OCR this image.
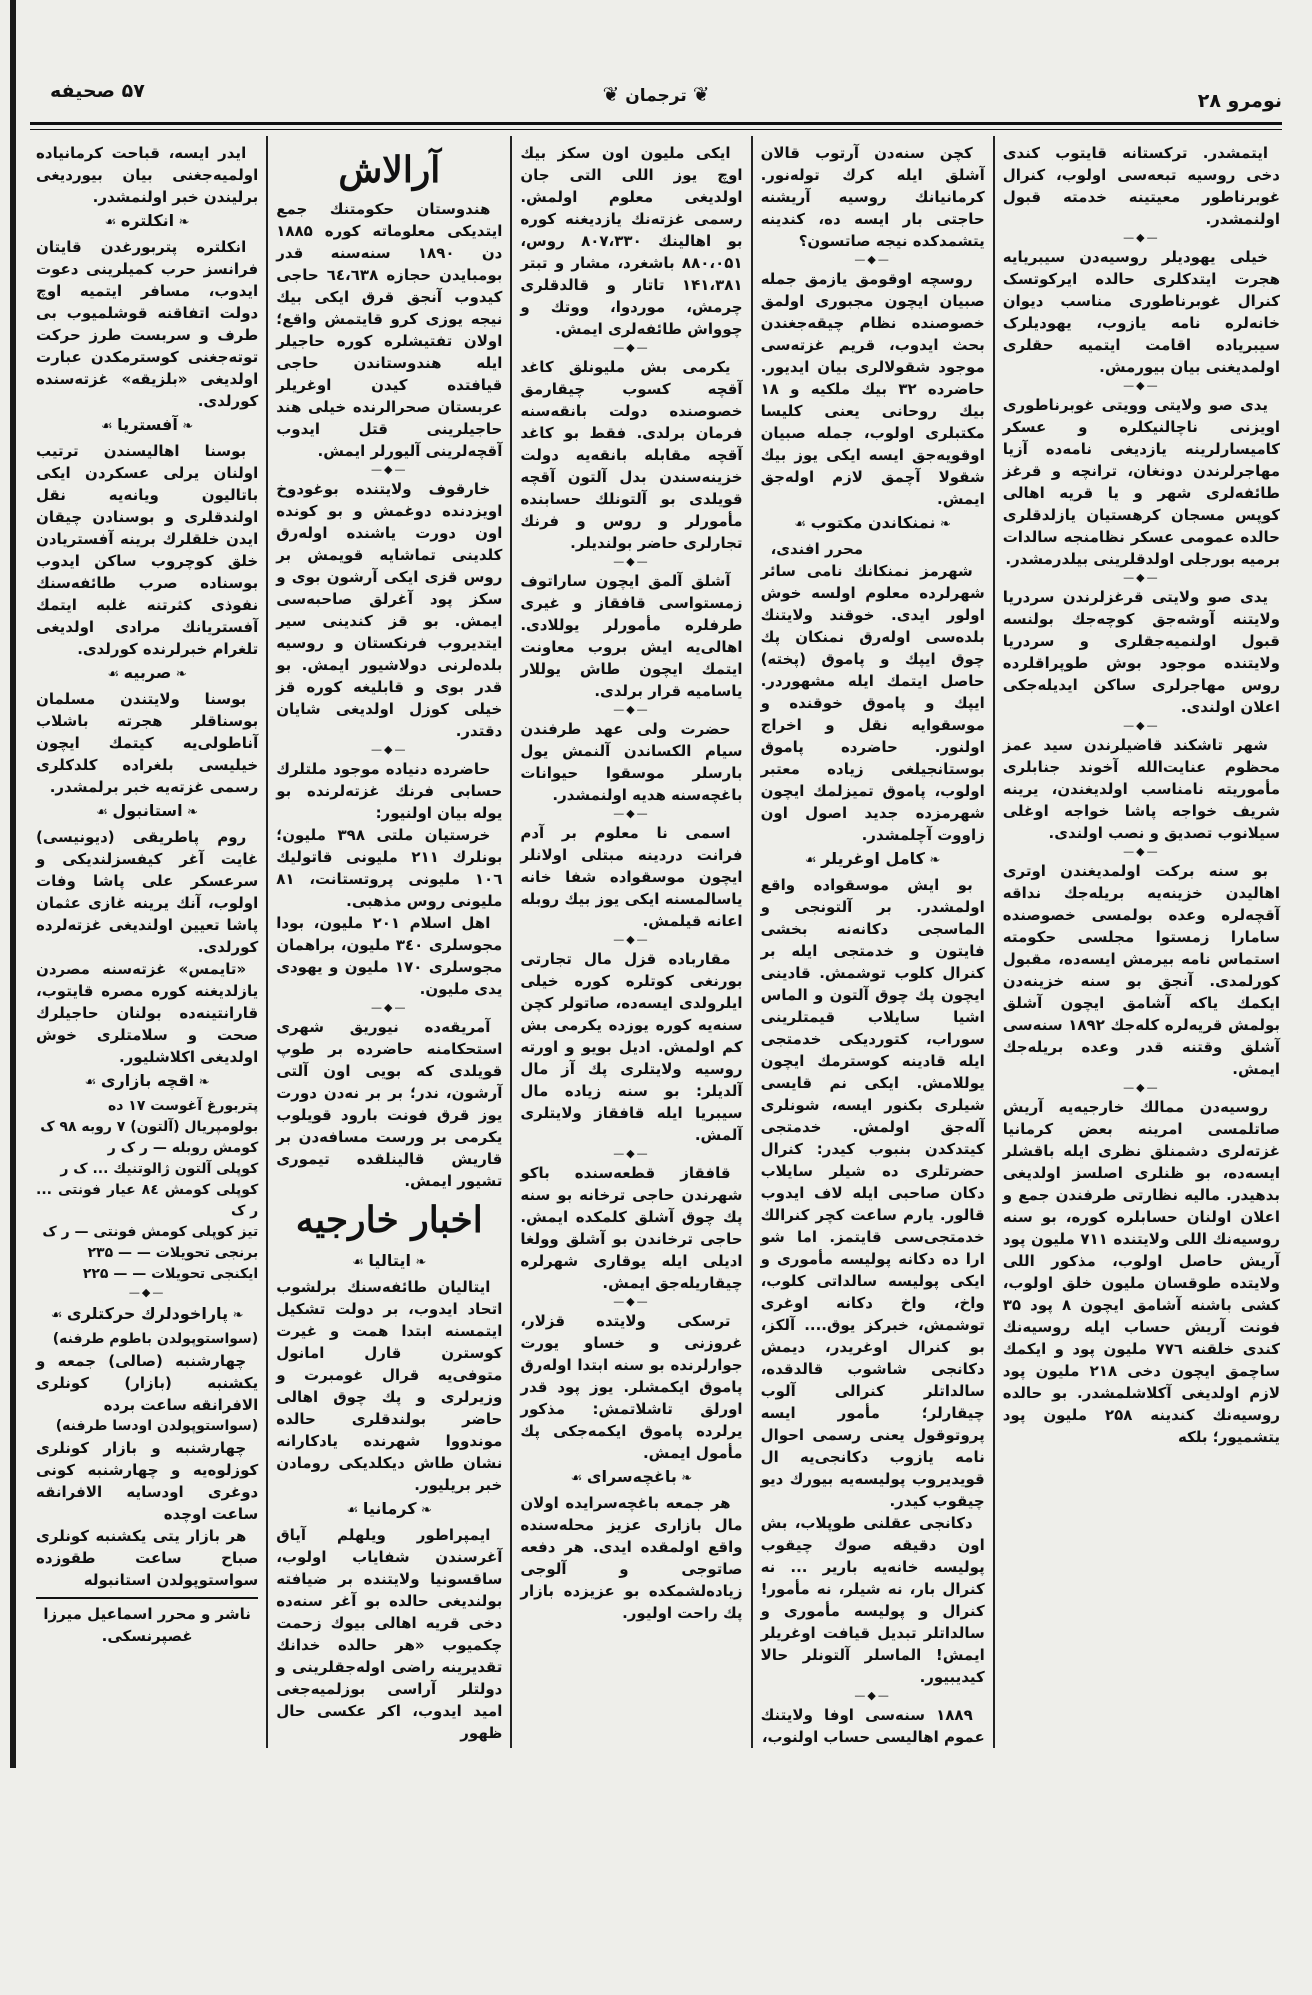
نومرو ۲۸
❦ترجمان❦
۵۷ صحیفه
ایتمشدر. ترکستانه قایتوب کندی دخی روسیه تبعه‌سی اولوب، کنرال غوبرناطور معیتینه خدمته قبول اولنمشدر.
—◆—
خیلی یهودیلر روسیه‌دن سیبریایه هجرت ایتدکلری حالده ایرکوتسک کنرال غوبرناطوری مناسب دیوان خانه‌لره نامه یازوب، یهودیلرک سیبریاده اقامت ایتمیه حقلری اولمدیغنی بیان بیورمش.
—◆—
یدی صو ولایتی وویتی غوبرناطوری اویزنی ناچالنیکلره و عسکر کامیسارلرینه یازدیغی نامه‌ده آزیا مهاجرلرندن دونغان، ترانچه و قرغز طائفه‌لری شهر و یا قریه اهالی کوپس مسجان کرهستیان یازلدقلری حالده عمومی عسکر نظامنجه سالدات برمیه بورجلی اولدقلرینی بیلدرمشدر.
—◆—
یدی صو ولایتی قرغزلرندن سردریا ولایتنه آوشه‌جق کوچه‌جك بولنسه قبول اولنمیه‌جقلری و سردریا ولایتنده موجود بوش طوپراقلرده روس مهاجرلری ساکن ایدیله‌جکی اعلان اولندی.
—◆—
شهر تاشکند قاضیلرندن سید عمز محظوم عنایت‌الله آخوند جنابلری مأموریته نامناسب اولدیغندن، یرینه شریف خواجه پاشا خواجه اوغلی سیلانوب تصدیق و نصب اولندی.
—◆—
بو سنه برکت اولمدیغندن اوتری اهالیدن خزینه‌یه بریله‌جك نداقه آقچه‌لره وعده بولمسی خصوصنده سامارا زمستوا مجلسی حکومته استماس نامه بیرمش ایسه‌ده، مقبول کورلمدی. آنجق بو سنه خزینه‌دن ایکمك یاکه آشامق ایچون آشلق بولمش قریه‌لره کله‌جك ۱۸۹۲ سنه‌سی آشلق وقتنه قدر وعده بریله‌جك ایمش.
—◆—
روسیه‌دن ممالك خارجیه‌یه آریش صاتلمسی امرینه بعض کرمانیا غزته‌لری دشمنلق نظری ایله باقشلر ایسه‌ده، بو ظنلری اصلسز اولدیغی بدهیدر. مالیه نظارتی طرفندن جمع و اعلان اولنان حسابلره کوره، بو سنه روسیه‌نك اللی ولایتنده ۷۱۱ ملیون پود آریش حاصل اولوب، مذکور اللی ولایتده طوقسان ملیون خلق اولوب، کشی باشنه آشامق ایچون ۸ پود ۳۵ فونت آریش حساب ایله روسیه‌نك کندی خلقنه ۷۷٦ ملیون پود و ایکمك ساچمق ایچون دخی ۲۱۸ ملیون پود لازم اولدیغی آکلاشلمشدر. بو حالده روسیه‌نك کندینه ۲۵۸ ملیون پود یتشمیور؛ بلکه
کچن سنه‌دن آرتوب قالان آشلق ایله کرك توله‌نور. کرمانیانك روسیه آریشنه حاجتی بار ایسه ده، کندینه یتشمدکده نیجه صاتسون؟
—◆—
روسچه اوقومق یازمق جمله صبیان ایچون مجبوری اولمق خصوصنده نظام چیقه‌جغندن بحث ایدوب، قریم غزته‌سی موجود شقولالری بیان ایدیور. حاضرده ۳۲ بیك ملکیه و ۱۸ بیك روحانی یعنی کلیسا مکتبلری اولوب، جمله صبیان اوقویه‌جق ایسه ایکی یوز بیك شقولا آچمق لازم اوله‌جق ایمش.
❧ نمنکاندن مکتوب ☙
محرر افندی،
شهرمز نمنکانك نامی سائر شهرلرده معلوم اولسه خوش اولور ایدی. خوقند ولایتنك بلده‌سی اوله‌رق نمنکان پك چوق ایپك و پاموق (پخته) حاصل ایتمك ایله مشهوردر. ایپك و پاموق خوقنده و موسقوایه نقل و اخراج اولنور. حاضرده پاموق بوستانجیلغی زیاده معتبر اولوب، پاموق تمیزلمك ایچون شهرمزده جدید اصول اون زاووت آچلمشدر.
❧ کامل اوغریلر ☙
بو ایش موسقواده واقع اولمشدر. بر آلتونجی و الماسجی دکانه‌نه بخشی فایتون و خدمتجی ایله بر کنرال کلوب توشمش. قادینی ایچون پك چوق آلتون و الماس اشیا سایلاب قیمتلرینی سوراب، کتوردیکی خدمتجی ایله قادینه کوسترمك ایچون یوللامش. ایکی نم قایسی شیلری بکنور ایسه، شونلری آله‌جق اولمش. خدمتجی کیتدکدن بنبوب کیدر: کنرال حضرتلری ده شیلر سایلاب دکان صاحبی ایله لاف ایدوب قالور. یارم ساعت کچر کنرالك خدمتجی‌سی قایتمز. اما شو ارا ده دکانه پولیسه مأموری و ایکی پولیسه سالداتی کلوب، واخ، واخ دکانه اوغری توشمش، خبرکز یوق.... آلکز، بو کنرال اوغریدر، دیمش دکانجی شاشوب قالدقده، سالداتلر کنرالی آلوب چیقارلر؛ مأمور ایسه پروتوقول یعنی رسمی احوال نامه یازوب دکانجی‌یه ال قویدیروب پولیسه‌یه بیورك دیو چیقوب کیدر.
دکانجی عقلنی طوپلاب، بش اون دقیقه صوك چیقوب پولیسه خانه‌یه باریر ... نه کنرال بار، نه شیلر، نه مأمور! کنرال و پولیسه مأموری و سالداتلر تبدیل قیافت اوغریلر ایمش! الماسلر آلتونلر حالا کیدیبیور.
—◆—
۱۸۸۹ سنه‌سی اوفا ولایتنك عموم اهالیسی حساب اولنوب،
ایکی ملیون اون سکز بیك اوچ یوز اللی التی جان اولدیغی معلوم اولمش. رسمی غزته‌نك یازدیغنه کوره بو اهالینك ۸۰۷،۳۳۰ روس، ۸۸۰،۰۵۱ باشغرد، مشار و تبتر ۱۴۱،۳۸۱ تاتار و قالدقلری چرمش، موردوا، ووتك و چوواش طائفه‌لری ایمش.
—◆—
یکرمی بش ملیونلق کاغد آقچه کسوب چیقارمق خصوصنده دولت بانقه‌سنه فرمان برلدی. فقط بو کاغد آقچه مقابله بانقه‌یه دولت خزینه‌سندن بدل آلتون آقچه قویلدی بو آلتونلك حسابنده مأمورلر و روس و فرنك تجارلری حاضر بولندیلر.
—◆—
آشلق آلمق ایچون ساراتوف زمستواسی قافقاز و غیری طرفلره مأمورلر یوللادی. اهالی‌یه ایش بروب معاونت ایتمك ایچون طاش یوللار یاسامیه قرار برلدی.
—◆—
حضرت ولی عهد طرفندن سیام الکساندن آلنمش یول بارسلر موسقوا حیوانات باغچه‌سنه هدیه اولنمشدر.
—◆—
اسمی نا معلوم بر آدم فرانت دردینه مبتلی اولانلر ایچون موسقواده شفا خانه یاسالمسنه ایکی یوز بیك روبله اعانه قیلمش.
—◆—
مقاربادە قزل مال تجارتی بورنغی کوتلره کوره خیلی ایلرولدی ایسه‌ده، صاتولر کچن سنه‌یه کوره یوزده یکرمی بش کم اولمش. ادیل بویو و اورته روسیه ولایتلری پك آز مال آلدیلر: بو سنه زیاده مال سیبریا ایله قافقاز ولایتلری آلمش.
—◆—
قافقاز قطعه‌سنده باکو شهرندن حاجی ترخانه بو سنه پك چوق آشلق کلمکده ایمش. حاجی ترخاندن بو آشلق وولغا ادیلی ایله یوقاری شهرلره چیقاریله‌جق ایمش.
—◆—
ترسکی ولایتده قزلار، غروزنی و خساو یورت جوارلرنده بو سنه ابتدا اوله‌رق پاموق ایکمشلر. یوز پود قدر اورلق تاشلاتمش: مذکور یرلرده پاموق ایکمه‌جکی پك مأمول ایمش.
❧ باغچه‌سرای ☙
هر جمعه باغچه‌سرایده اولان مال بازاری عزیز محله‌سنده واقع اولمقده ایدی. هر دفعه صاتوجی و آلوجی زیاده‌لشمکده بو عزیزده بازار پك راحت اولیور.
آرالاش
هندوستان حکومتنك جمع ایتدیکی معلوماته کوره ۱۸۸۵ دن ۱۸۹۰ سنه‌سنه قدر بومبایدن حجازه ٦٤،٦۳۸ حاجی کیدوب آنجق قرق ایکی بیك نیجه یوزی کرو قایتمش واقع؛ اولان تفتیشلره کوره حاجیلر ایله هندوستاندن حاجی قیافتده کیدن اوغریلر عربستان صحرالرنده خیلی هند حاجیلرینی قتل ایدوب آقچه‌لرینی آلیورلر ایمش.
—◆—
خارقوف ولایتنده بوغودوخ اویزدنده دوغمش و بو کونده اون دورت یاشنده اوله‌رق کلدینی تماشایه قویمش بر روس قزی ایکی آرشون بوی و سکز پود آغرلق صاحبه‌سی ایمش. بو قز کندینی سیر ایتدیروب فرنکستان و روسیه بلده‌لرنی دولاشیور ایمش. بو قدر بوی و قابلیغه کوره قز خیلی کوزل اولدیغی شایان دقتدر.
—◆—
حاضرده دنیاده موجود ملتلرك حسابی فرنك غزته‌لرنده بو یوله بیان اولنیور:
خرستیان ملتی ۳۹۸ ملیون؛ بونلرك ۲۱۱ ملیونی قاتولیك ۱۰٦ ملیونی پروتستانت، ۸۱ ملیونی روس مذهبی.
اهل اسلام ۲۰۱ ملیون، بودا مجوسلری ۳٤۰ ملیون، براهمان مجوسلری ۱۷۰ ملیون و یهودی یدی ملیون.
—◆—
آمریقه‌ده نیوریق شهری استحکامنه حاضرده بر طوپ قویلدی که بویی اون آلتی آرشون، ندر؛ بر بر نه‌دن دورت یوز قرق فونت بارود قویلوب یکرمی بر ورست مسافه‌دن بر قاریش قالینلقده تیموری تشیور ایمش.
اخبار خارجیه
❧ ایتالیا ☙
ایتالیان طائفه‌سنك برلشوب اتحاد ایدوب، بر دولت تشکیل ایتمسنه ابتدا همت و غیرت کوسترن قارل امانول متوفی‌یه قرال غومبرت و وزیرلری و پك چوق اهالی حاضر بولندقلری حالده موندووا شهرنده یادکارانه نشان طاش دیکلدیکی رومادن خبر بریلیور.
❧ کرمانیا ☙
ایمپراطور ویلهلم آیاق آغرسندن شفایاب اولوب، ساقسونیا ولایتنده بر ضیافته بولندیغی حالده بو آغر سنه‌ده دخی قریه اهالی بیوك زحمت چکمیوب «هر حالده خدانك تقدیرینه راضی اوله‌جقلرینی و دولتلر آراسی بوزلمیه‌جغی امید ایدوب، اکر عکسی حال ظهور
ایدر ایسه، قباحت کرمانیاده اولمیه‌جغنی بیان بیوردیغی برلیندن خبر اولنمشدر.
❧ انکلتره ☙
انکلتره پتربورغدن قایتان فرانسز حرب کمیلرینی دعوت ایدوب، مسافر ایتمیه اوچ دولت اتفاقنه قوشلمیوب بی طرف و سربست طرز حرکت توته‌جغنی کوسترمکدن عبارت اولدیغی «بلزیقه» غزته‌سنده کورلدی.
❧ آفستریا ☙
بوسنا اهالیسندن ترتیب اولنان یرلی عسکردن ایکی باتالیون ویانه‌یه نقل اولندقلری و بوسنادن چیقان ایدن خلقلرك برینه آفستریادن خلق کوچروب ساکن ایدوب بوسناده صرب طائفه‌سنك نفوذی کثرتنه غلبه ایتمك آفستریانك مرادی اولدیغی تلغرام خبرلرنده کورلدی.
❧ صربیه ☙
بوسنا ولایتندن مسلمان بوسناقلر هجرته باشلاب آناطولی‌یه کیتمك ایچون خیلیسی بلغراده کلدکلری رسمی غزته‌یه خبر برلمشدر.
❧ استانبول ☙
روم پاطریقی (دیونیسی) غایت آغر کیفسزلندیکی و سرعسکر علی پاشا وفات اولوب، آنك یرینه غازی عثمان پاشا تعیین اولندیغی غزته‌لرده کورلدی.
«تایمس» غزته‌سنه مصردن یازلدیغنه کوره مصره قایتوب، قارانتینه‌ده بولنان حاجیلرك صحت و سلامتلری خوش اولدیغی اکلاشلیور.
❧ اقچه بازاری ☙
پتربورغ آغوست ۱۷ ده
بولومپریال (آلتون) ۷ روبه ۹۸ ک
کومش روبله — ر ک ر
کوپلی آلتون ژالوتنیك ... ک ر
کوپلی کومش ۸٤ عیار فونتی ... ر ک
تیز کوپلی کومش فونتی — ر ک
برنجی تحویلات — — ۲۳۵
ایکنجی تحویلات — — ۲۲۵
—◆—
❧ پاراخودلرك حرکتلری ☙
(سواستوپولدن باطوم طرفنه)
چهارشنبه (صالی) جمعه و یکشنبه (بازار) کونلری الافرانقه ساعت برده
(سواستوپولدن اودسا طرفنه)
چهارشنبه و بازار کونلری کوزلوه‌یه و چهارشنبه کونی دوغری اودسایه الافرانقه ساعت اوچده
هر بازار یتی یکشنبه کونلری صباح ساعت طقوزده سواستوپولدن استانبوله
ناشر و محرر اسماعیل میرزا غصپرنسکی.
